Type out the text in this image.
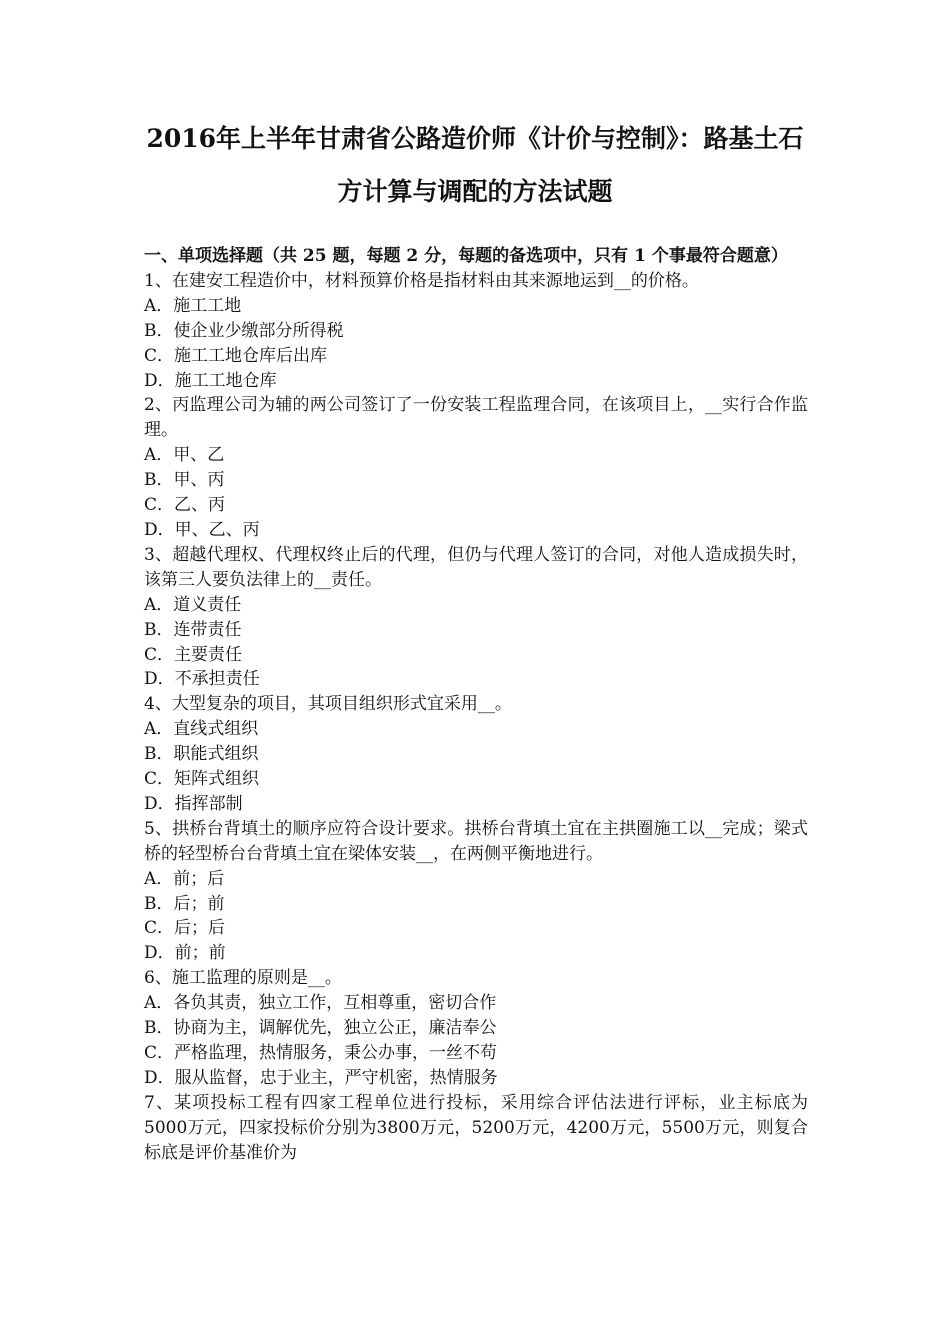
2016年上半年甘肃省公路造价师《计价与控制》：路基土石
方计算与调配的方法试题
一、单项选择题（共 25 题，每题 2 分，每题的备选项中，只有 1 个事最符合题意）
1、在建安工程造价中，材料预算价格是指材料由其来源地运到__的价格。
A．施工工地
B．使企业少缴部分所得税
C．施工工地仓库后出库
D．施工工地仓库
2、丙监理公司为辅的两公司签订了一份安装工程监理合同，在该项目上，__实行合作监理。
A．甲、乙
B．甲、丙
C．乙、丙
D．甲、乙、丙
3、超越代理权、代理权终止后的代理，但仍与代理人签订的合同，对他人造成损失时，该第三人要负法律上的__责任。
A．道义责任
B．连带责任
C．主要责任
D．不承担责任
4、大型复杂的项目，其项目组织形式宜采用__。
A．直线式组织
B．职能式组织
C．矩阵式组织
D．指挥部制
5、拱桥台背填土的顺序应符合设计要求。拱桥台背填土宜在主拱圈施工以__完成；梁式桥的轻型桥台台背填土宜在梁体安装__，在两侧平衡地进行。
A．前；后
B．后；前
C．后；后
D．前；前
6、施工监理的原则是__。
A．各负其责，独立工作，互相尊重，密切合作
B．协商为主，调解优先，独立公正，廉洁奉公
C．严格监理，热情服务，秉公办事，一丝不苟
D．服从监督，忠于业主，严守机密，热情服务
7、某项投标工程有四家工程单位进行投标，采用综合评估法进行评标，业主标底为5000万元，四家投标价分别为3800万元，5200万元，4200万元，5500万元，则复合标底是评价基准价为
